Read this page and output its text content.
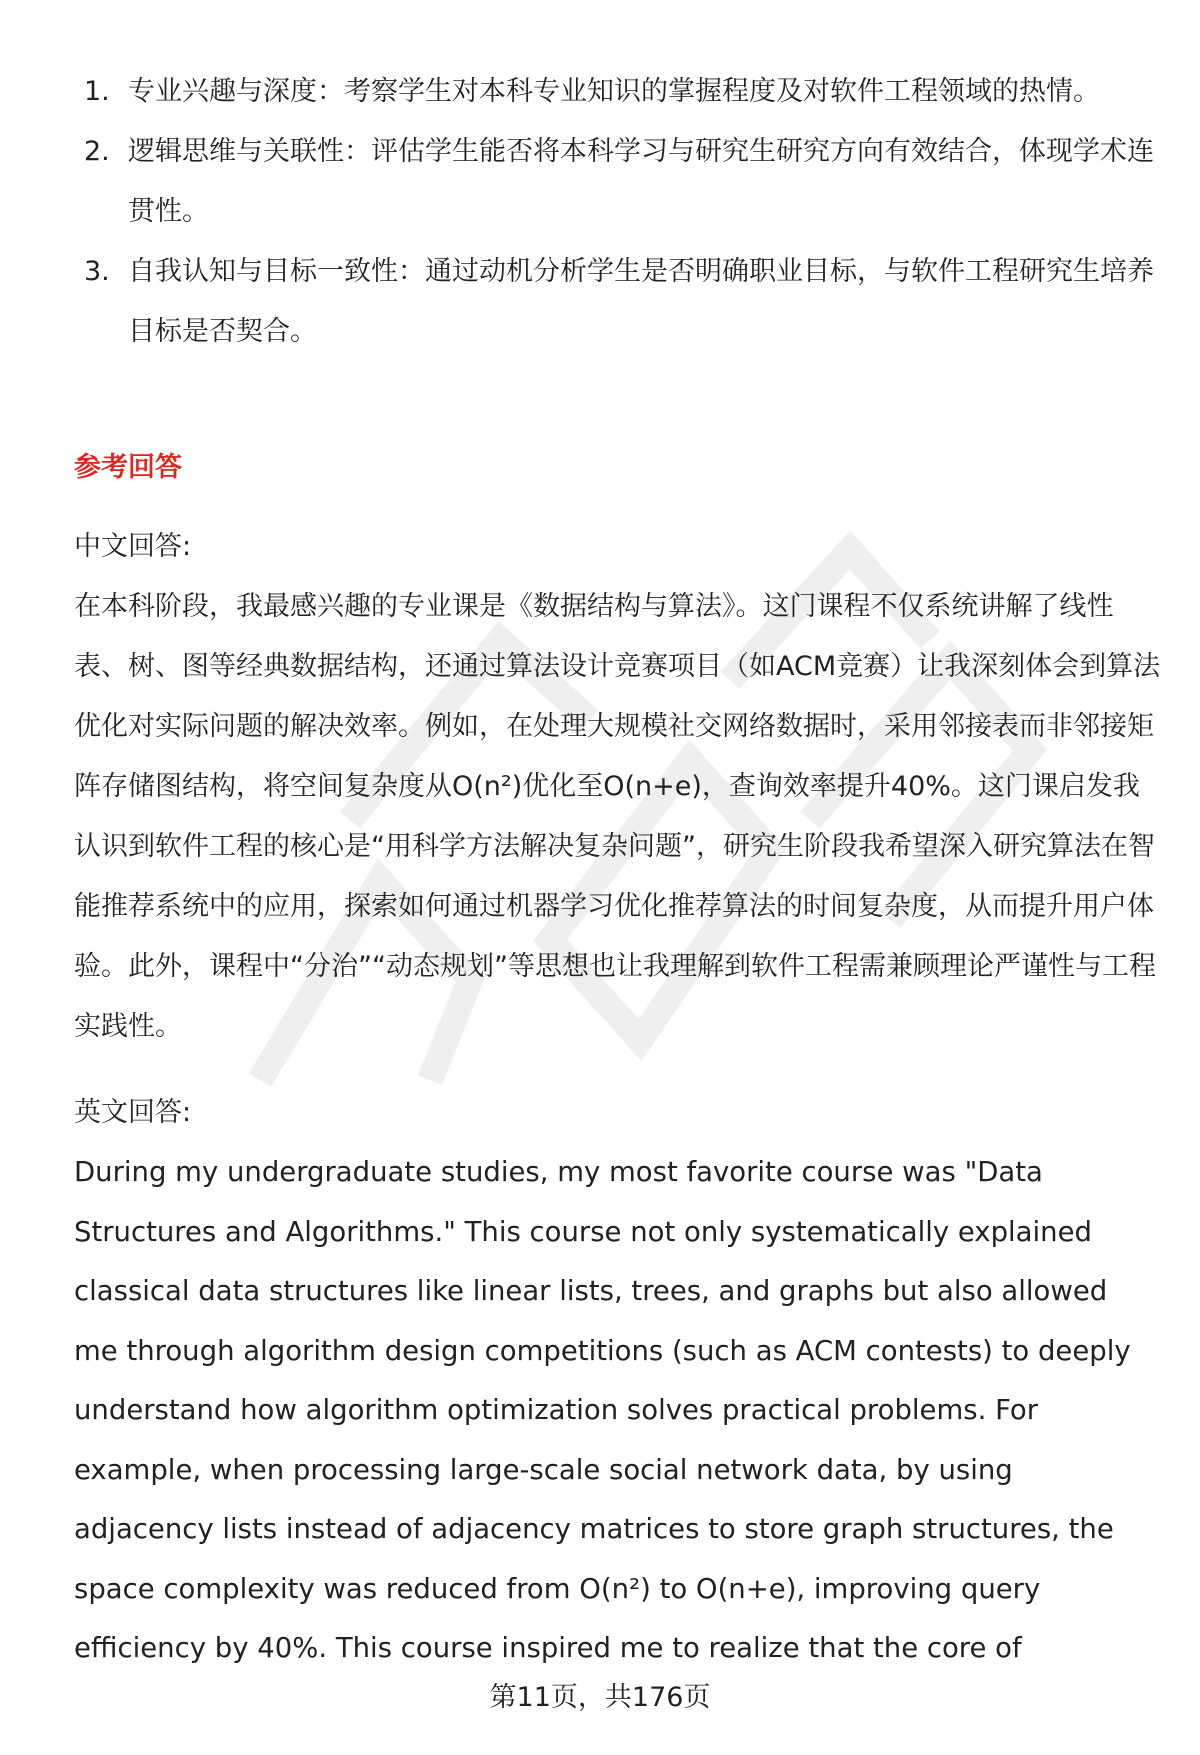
1. 专业兴趣与深度：考察学生对本科专业知识的掌握程度及对软件工程领域的热情。
2. 逻辑思维与关联性：评估学生能否将本科学习与研究生研究方向有效结合，体现学术连贯性。
3. 自我认知与目标一致性：通过动机分析学生是否明确职业目标，与软件工程研究生培养目标是否契合。
参考回答
中文回答:

在本科阶段，我最感兴趣的专业课是《数据结构与算法》。这门课程不仅系统讲解了线性表、树、图等经典数据结构，还通过算法设计竞赛项目（如ACM竞赛）让我深刻体会到算法优化对实际问题的解决效率。例如，在处理大规模社交网络数据时，采用邻接表而非邻接矩阵存储图结构，将空间复杂度从O(n²)优化至O(n+e)，查询效率提升40%。这门课启发我认识到软件工程的核心是“用科学方法解决复杂问题”，研究生阶段我希望深入研究算法在智能推荐系统中的应用，探索如何通过机器学习优化推荐算法的时间复杂度，从而提升用户体验。此外，课程中“分治”“动态规划”等思想也让我理解到软件工程需兼顾理论严谨性与工程实践性。

英文回答:

During my undergraduate studies, my most favorite course was "Data Structures and Algorithms." This course not only systematically explained classical data structures like linear lists, trees, and graphs but also allowed me through algorithm design competitions (such as ACM contests) to deeply understand how algorithm optimization solves practical problems. For example, when processing large-scale social network data, by using adjacency lists instead of adjacency matrices to store graph structures, the space complexity was reduced from O(n²) to O(n+e), improving query efficiency by 40%. This course inspired me to realize that the core of

第11页，共176页
